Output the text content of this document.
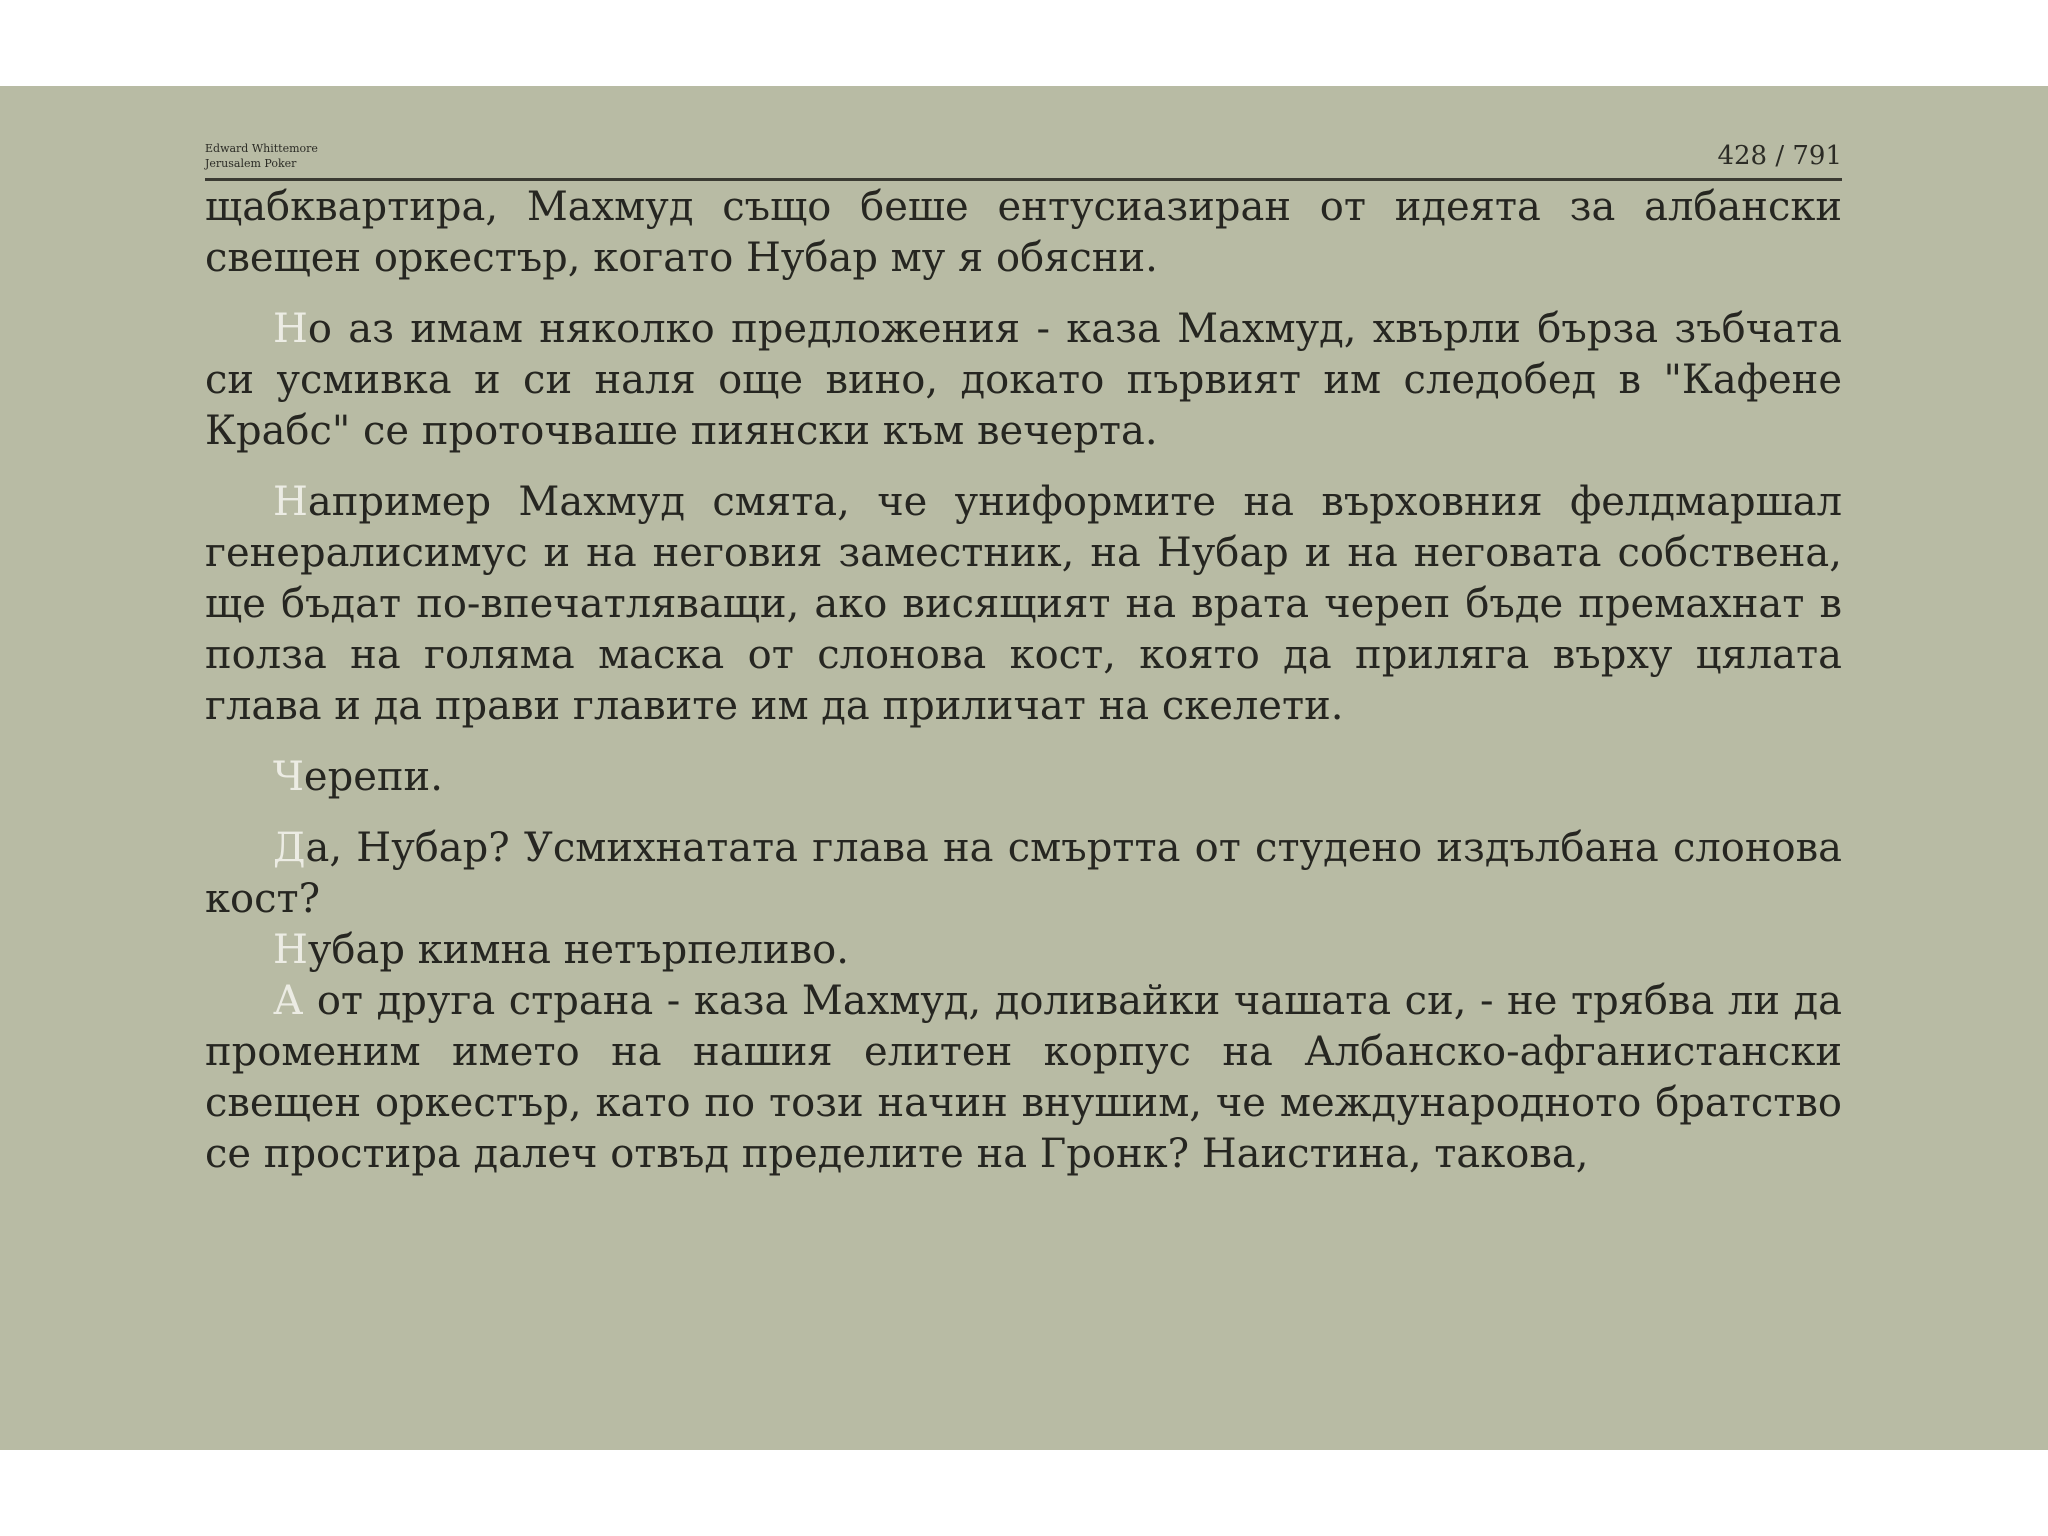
Edward Whittemore
Jerusalem Poker	428 / 791

щабквартира, Махмуд също беше ентусиазиран от идеята за албански свещен оркестър, когато Нубар му я обясни.

Но аз имам няколко предложения - каза Махмуд, хвърли бърза зъбчата си усмивка и си наля още вино, докато първият им следобед в "Кафене Крабс" се проточваше пиянски към вечерта.

Например Махмуд смята, че униформите на върховния фелдмаршал генералисимус и на неговия заместник, на Нубар и на неговата собствена, ще бъдат по-впечатляващи, ако висящият на врата череп бъде премахнат в полза на голяма маска от слонова кост, която да приляга върху цялата глава и да прави главите им да приличат на скелети.

Черепи.

Да, Нубар? Усмихнатата глава на смъртта от студено издълбана слонова кост?

Нубар кимна нетърпеливо.

А от друга страна - каза Махмуд, доливайки чашата си, - не трябва ли да променим името на нашия елитен корпус на Албанско-афганистански свещен оркестър, като по този начин внушим, че международното братство се простира далеч отвъд пределите на Гронк? Наистина, такова,
